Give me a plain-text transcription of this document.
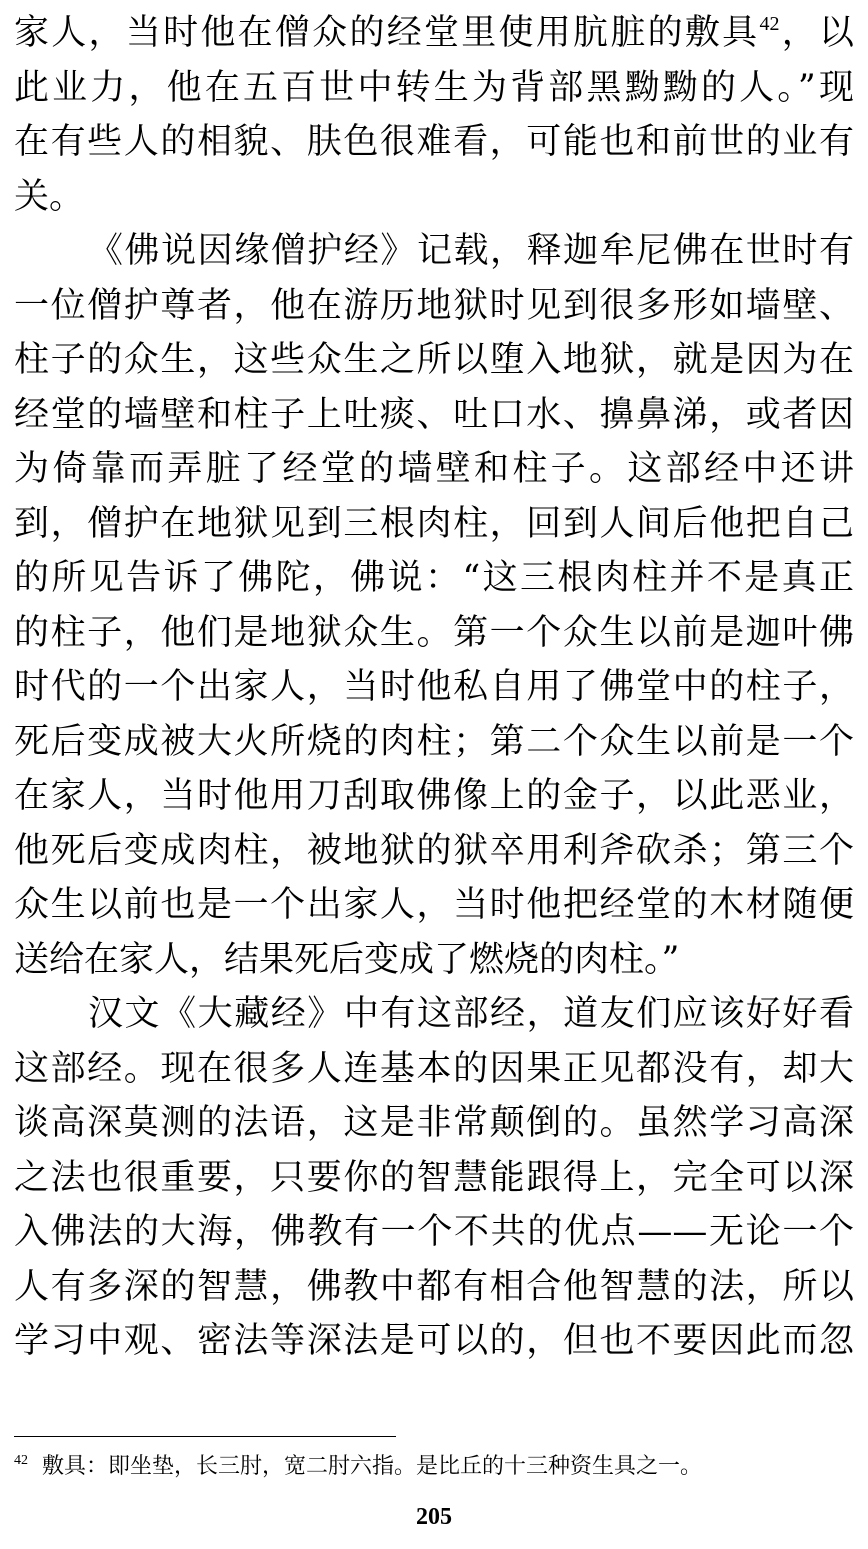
家人，当时他在僧众的经堂里使用肮脏的敷具$^{42}$，以
此业力，他在五百世中转生为背部黑黝黝的人。”现
在有些人的相貌、肤色很难看，可能也和前世的业有
关。
《佛说因缘僧护经》记载，释迦牟尼佛在世时有
一位僧护尊者，他在游历地狱时见到很多形如墙壁、
柱子的众生，这些众生之所以堕入地狱，就是因为在
经堂的墙壁和柱子上吐痰、吐口水、擤鼻涕，或者因
为倚靠而弄脏了经堂的墙壁和柱子。这部经中还讲
到，僧护在地狱见到三根肉柱，回到人间后他把自己
的所见告诉了佛陀，佛说：“这三根肉柱并不是真正
的柱子，他们是地狱众生。第一个众生以前是迦叶佛
时代的一个出家人，当时他私自用了佛堂中的柱子，
死后变成被大火所烧的肉柱；第二个众生以前是一个
在家人，当时他用刀刮取佛像上的金子，以此恶业，
他死后变成肉柱，被地狱的狱卒用利斧砍杀；第三个
众生以前也是一个出家人，当时他把经堂的木材随便
送给在家人，结果死后变成了燃烧的肉柱。”
汉文《大藏经》中有这部经，道友们应该好好看
这部经。现在很多人连基本的因果正见都没有，却大
谈高深莫测的法语，这是非常颠倒的。虽然学习高深
之法也很重要，只要你的智慧能跟得上，完全可以深
入佛法的大海，佛教有一个不共的优点——无论一个
人有多深的智慧，佛教中都有相合他智慧的法，所以
学习中观、密法等深法是可以的，但也不要因此而忽
$^{42}$ 敷具：即坐垫，长三肘，宽二肘六指。是比丘的十三种资生具之一。
205
